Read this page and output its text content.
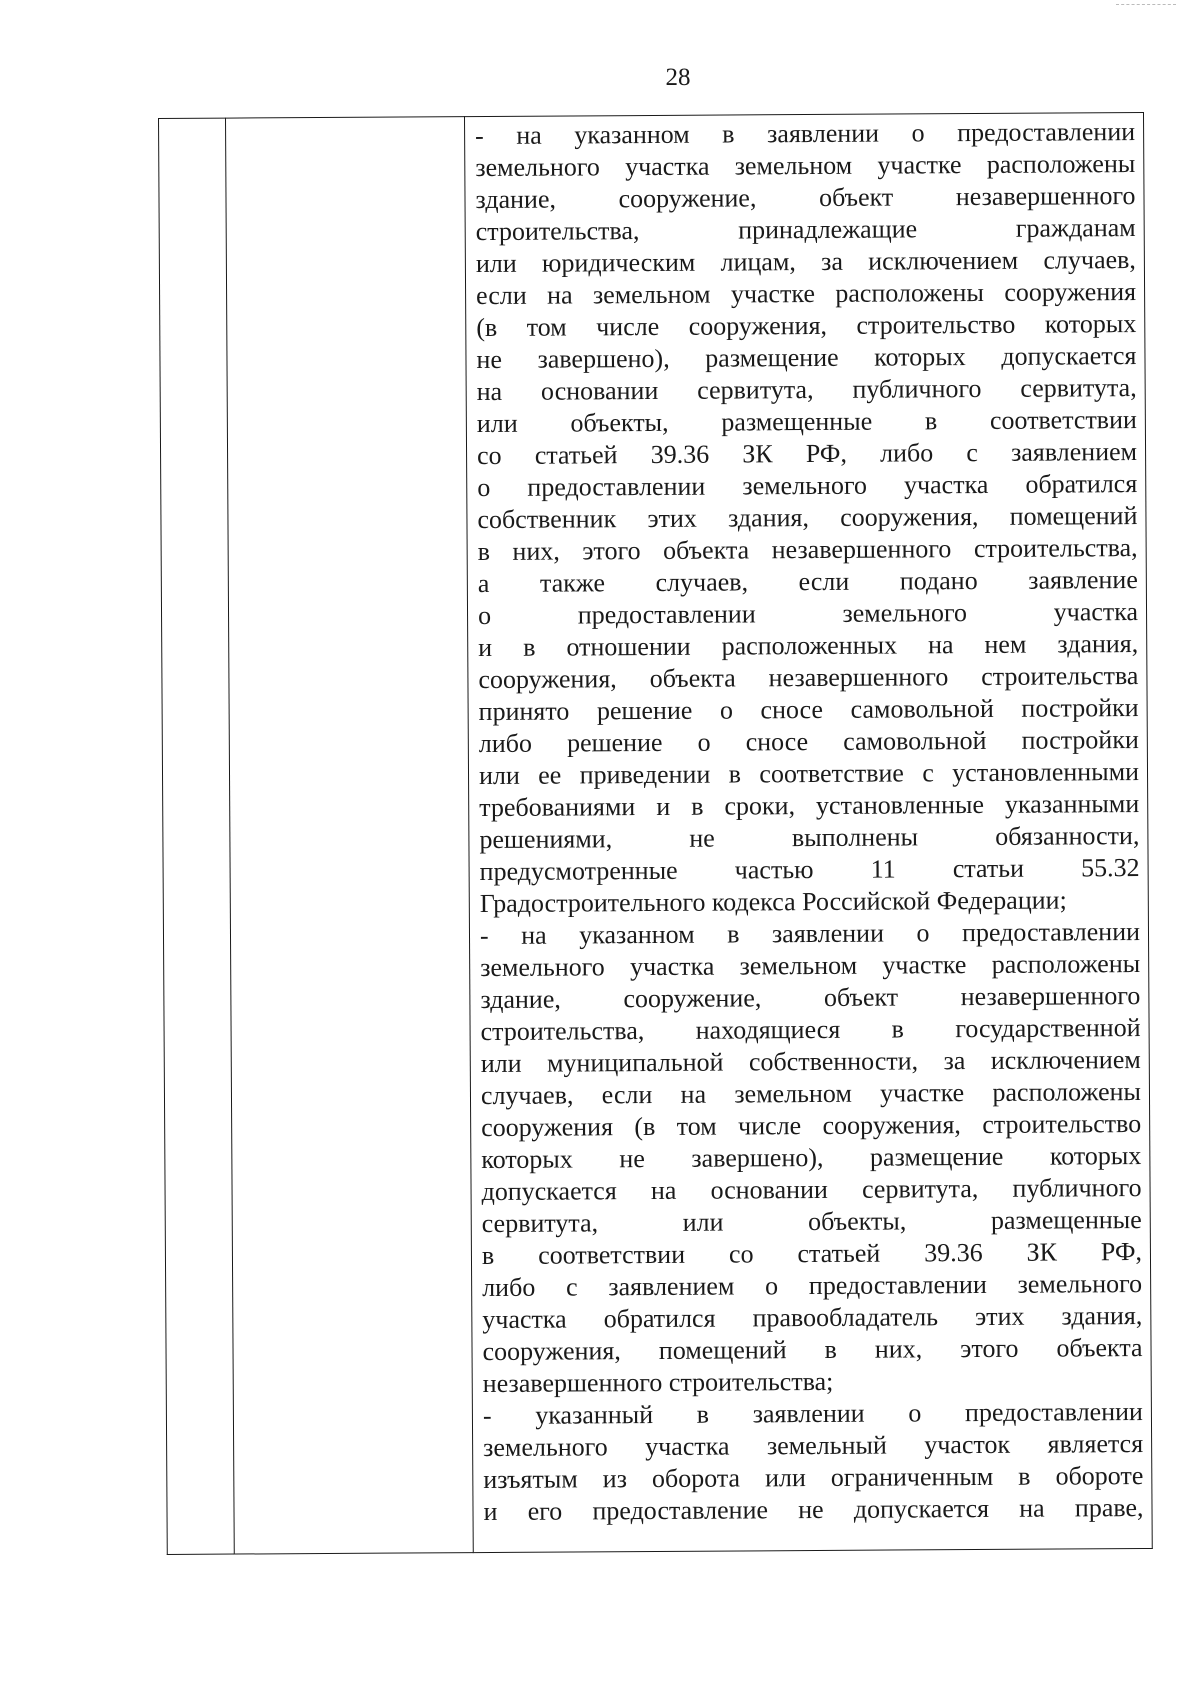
28

- на указанном в заявлении о предоставлении
земельного участка земельном участке расположены
здание, сооружение, объект незавершенного
строительства, принадлежащие гражданам
или юридическим лицам, за исключением случаев,
если на земельном участке расположены сооружения
(в том числе сооружения, строительство которых
не завершено), размещение которых допускается
на основании сервитута, публичного сервитута,
или объекты, размещенные в соответствии
со статьей 39.36 ЗК РФ, либо с заявлением
о предоставлении земельного участка обратился
собственник этих здания, сооружения, помещений
в них, этого объекта незавершенного строительства,
а также случаев, если подано заявление
о предоставлении земельного участка
и в отношении расположенных на нем здания,
сооружения, объекта незавершенного строительства
принято решение о сносе самовольной постройки
либо решение о сносе самовольной постройки
или ее приведении в соответствие с установленными
требованиями и в сроки, установленные указанными
решениями, не выполнены обязанности,
предусмотренные частью 11 статьи 55.32
Градостроительного кодекса Российской Федерации;
- на указанном в заявлении о предоставлении
земельного участка земельном участке расположены
здание, сооружение, объект незавершенного
строительства, находящиеся в государственной
или муниципальной собственности, за исключением
случаев, если на земельном участке расположены
сооружения (в том числе сооружения, строительство
которых не завершено), размещение которых
допускается на основании сервитута, публичного
сервитута, или объекты, размещенные
в соответствии со статьей 39.36 ЗК РФ,
либо с заявлением о предоставлении земельного
участка обратился правообладатель этих здания,
сооружения, помещений в них, этого объекта
незавершенного строительства;
- указанный в заявлении о предоставлении
земельного участка земельный участок является
изъятым из оборота или ограниченным в обороте
и его предоставление не допускается на праве,
